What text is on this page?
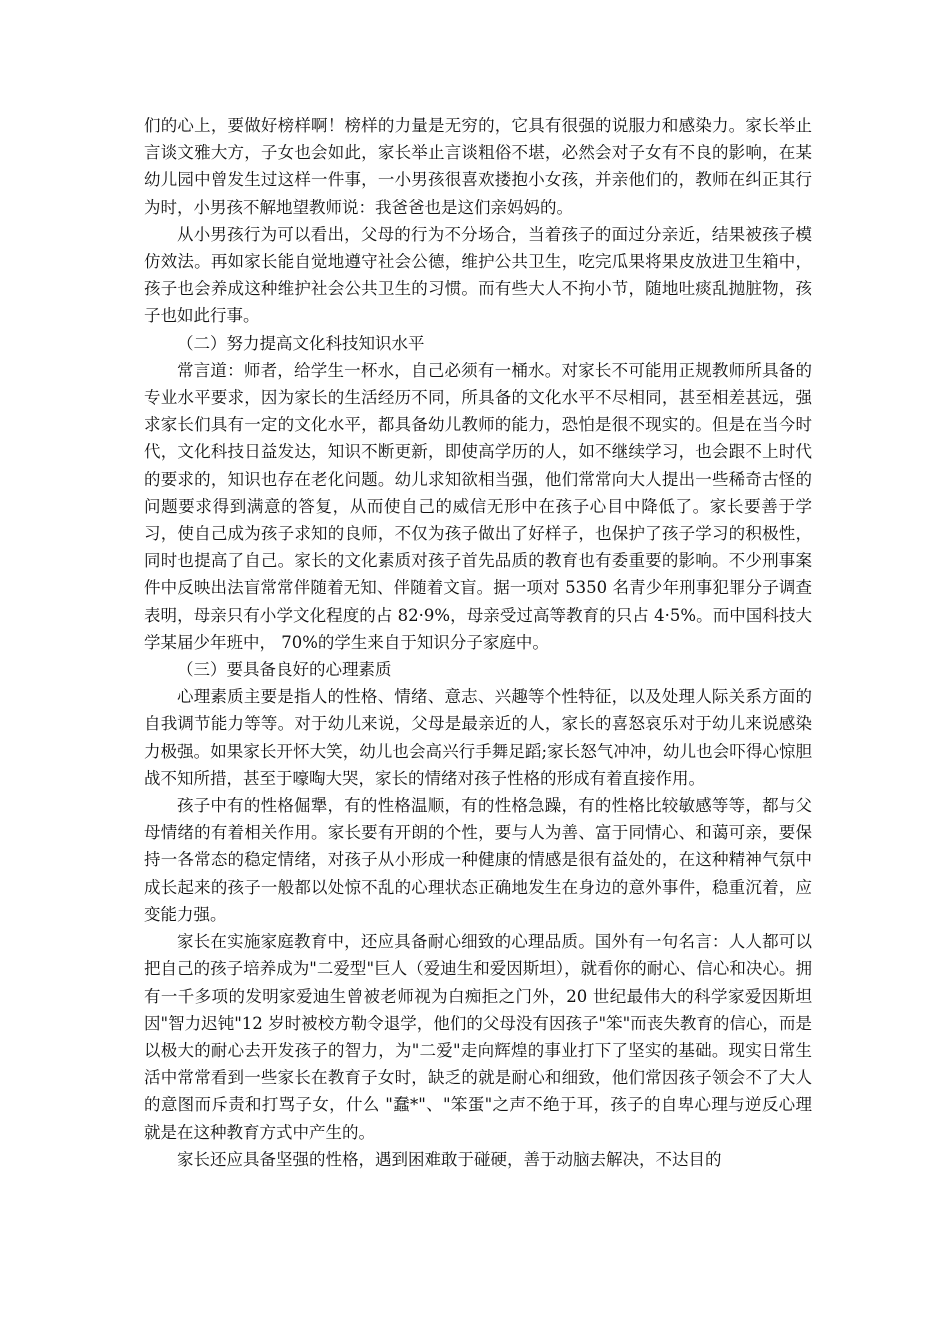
们的心上，要做好榜样啊！榜样的力量是无穷的，它具有很强的说服力和感染力。家长举止言谈文雅大方，子女也会如此，家长举止言谈粗俗不堪，必然会对子女有不良的影响，在某幼儿园中曾发生过这样一件事，一小男孩很喜欢搂抱小女孩，并亲他们的，教师在纠正其行为时，小男孩不解地望教师说：我爸爸也是这们亲妈妈的。

从小男孩行为可以看出，父母的行为不分场合，当着孩子的面过分亲近，结果被孩子模仿效法。再如家长能自觉地遵守社会公德，维护公共卫生，吃完瓜果将果皮放进卫生箱中，孩子也会养成这种维护社会公共卫生的习惯。而有些大人不拘小节，随地吐痰乱抛脏物，孩子也如此行事。

（二）努力提高文化科技知识水平

常言道：师者，给学生一杯水，自己必须有一桶水。对家长不可能用正规教师所具备的专业水平要求，因为家长的生活经历不同，所具备的文化水平不尽相同，甚至相差甚远，强求家长们具有一定的文化水平，都具备幼儿教师的能力，恐怕是很不现实的。但是在当今时代，文化科技日益发达，知识不断更新，即使高学历的人，如不继续学习，也会跟不上时代的要求的，知识也存在老化问题。幼儿求知欲相当强，他们常常向大人提出一些稀奇古怪的问题要求得到满意的答复，从而使自己的威信无形中在孩子心目中降低了。家长要善于学习，使自己成为孩子求知的良师，不仅为孩子做出了好样子，也保护了孩子学习的积极性，同时也提高了自己。家长的文化素质对孩子首先品质的教育也有委重要的影响。不少刑事案件中反映出法盲常常伴随着无知、伴随着文盲。据一项对 5350 名青少年刑事犯罪分子调查表明，母亲只有小学文化程度的占 82·9%，母亲受过高等教育的只占 4·5%。而中国科技大学某届少年班中， 70%的学生来自于知识分子家庭中。

（三）要具备良好的心理素质

心理素质主要是指人的性格、情绪、意志、兴趣等个性特征，以及处理人际关系方面的自我调节能力等等。对于幼儿来说，父母是最亲近的人，家长的喜怒哀乐对于幼儿来说感染力极强。如果家长开怀大笑，幼儿也会高兴行手舞足蹈;家长怒气冲冲，幼儿也会吓得心惊胆战不知所措，甚至于嚎啕大哭，家长的情绪对孩子性格的形成有着直接作用。

孩子中有的性格倔犟，有的性格温顺，有的性格急躁，有的性格比较敏感等等，都与父母情绪的有着相关作用。家长要有开朗的个性，要与人为善、富于同情心、和蔼可亲，要保持一各常态的稳定情绪，对孩子从小形成一种健康的情感是很有益处的，在这种精神气氛中成长起来的孩子一般都以处惊不乱的心理状态正确地发生在身边的意外事件，稳重沉着，应变能力强。

家长在实施家庭教育中，还应具备耐心细致的心理品质。国外有一句名言：人人都可以把自己的孩子培养成为"二爱型"巨人（爱迪生和爱因斯坦），就看你的耐心、信心和决心。拥有一千多项的发明家爱迪生曾被老师视为白痴拒之门外，20 世纪最伟大的科学家爱因斯坦因"智力迟钝"12 岁时被校方勒令退学，他们的父母没有因孩子"笨"而丧失教育的信心，而是以极大的耐心去开发孩子的智力，为"二爱"走向辉煌的事业打下了坚实的基础。现实日常生活中常常看到一些家长在教育子女时，缺乏的就是耐心和细致，他们常因孩子领会不了大人的意图而斥责和打骂子女，什么 "蠢*"、"笨蛋"之声不绝于耳，孩子的自卑心理与逆反心理就是在这种教育方式中产生的。

家长还应具备坚强的性格，遇到困难敢于碰硬，善于动脑去解决，不达目的
